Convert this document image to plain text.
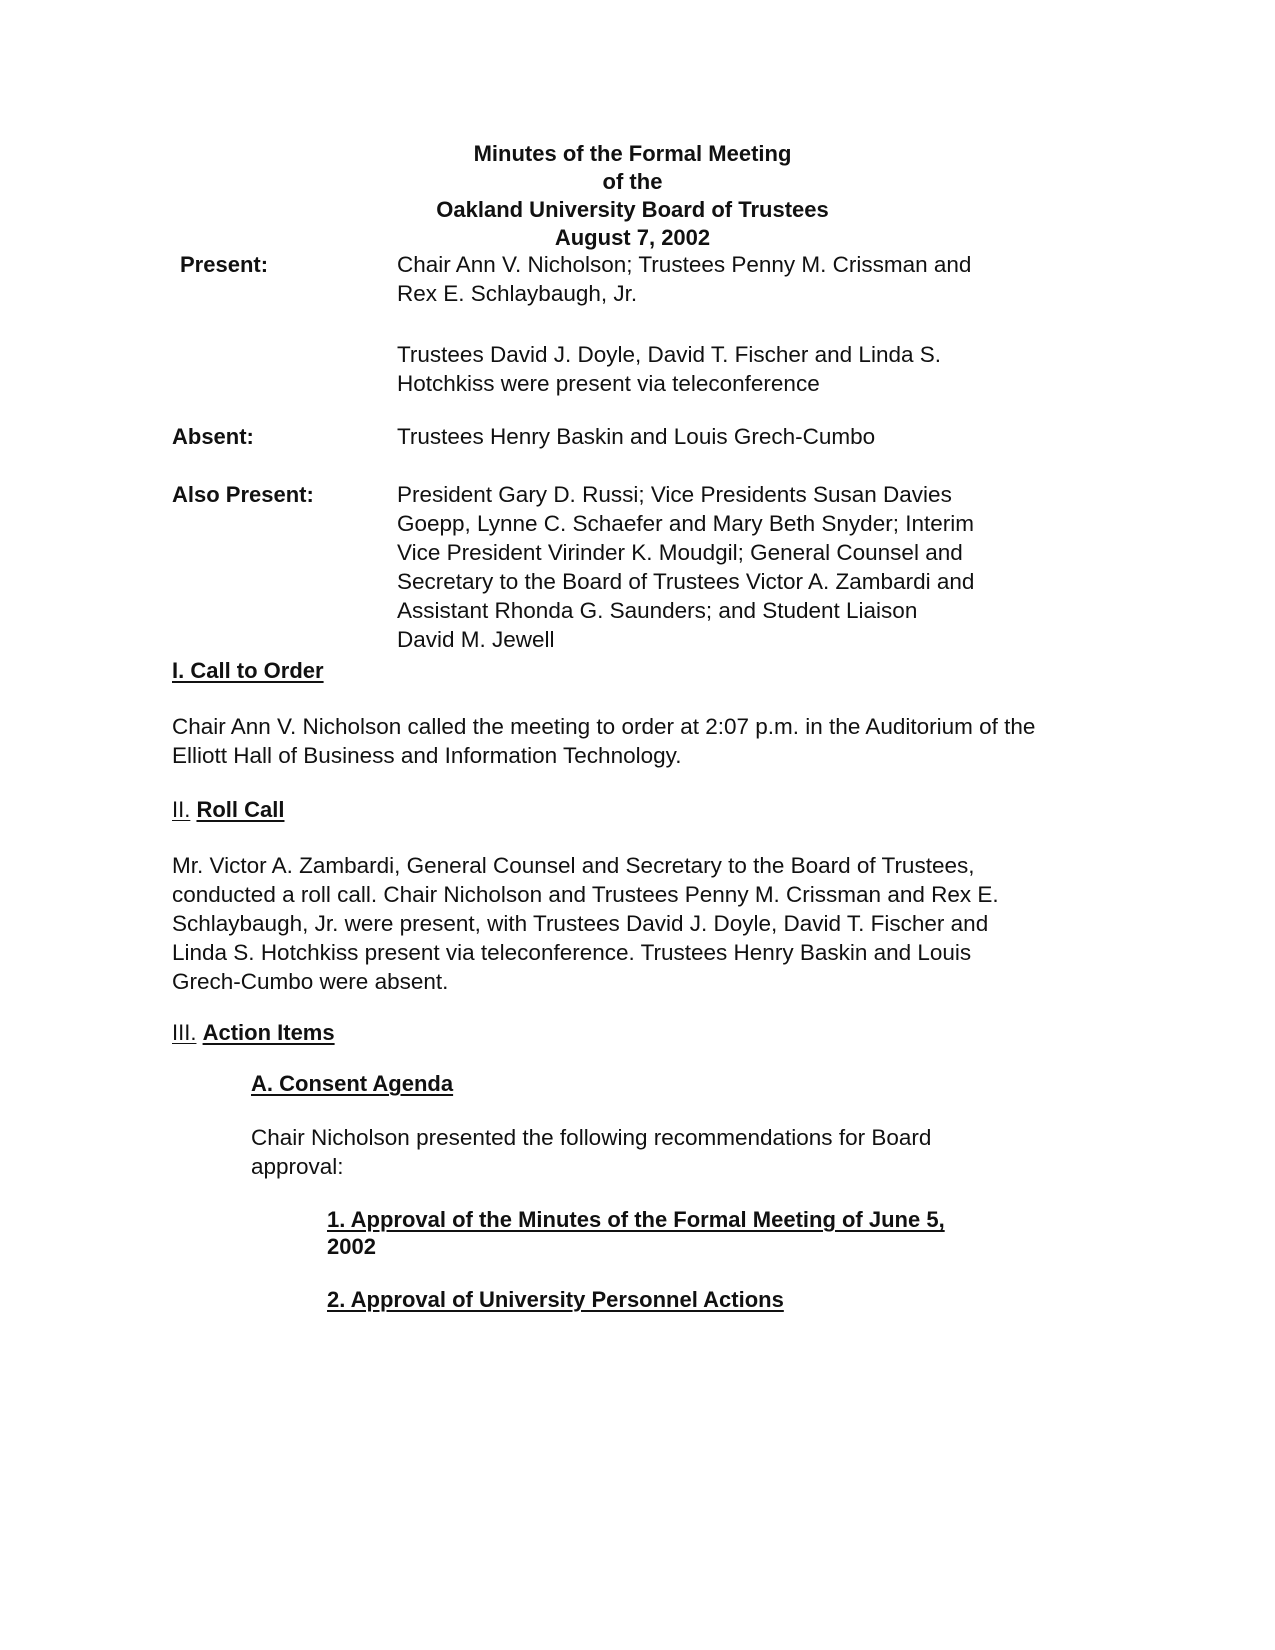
Minutes of the Formal Meeting
of the
Oakland University Board of Trustees
August 7, 2002
Present:	Chair Ann V. Nicholson; Trustees Penny M. Crissman and
Rex E. Schlaybaugh, Jr.
Trustees David J. Doyle, David T. Fischer and Linda S.
Hotchkiss were present via teleconference
Absent:	Trustees Henry Baskin and Louis Grech-Cumbo
Also Present:	President Gary D. Russi; Vice Presidents Susan Davies
Goepp, Lynne C. Schaefer and Mary Beth Snyder; Interim
Vice President Virinder K. Moudgil; General Counsel and
Secretary to the Board of Trustees Victor A. Zambardi and
Assistant Rhonda G. Saunders; and Student Liaison
David M. Jewell
I. Call to Order
Chair Ann V. Nicholson called the meeting to order at 2:07 p.m. in the Auditorium of the
Elliott Hall of Business and Information Technology.
II. Roll Call
Mr. Victor A. Zambardi, General Counsel and Secretary to the Board of Trustees,
conducted a roll call. Chair Nicholson and Trustees Penny M. Crissman and Rex E.
Schlaybaugh, Jr. were present, with Trustees David J. Doyle, David T. Fischer and
Linda S. Hotchkiss present via teleconference. Trustees Henry Baskin and Louis
Grech-Cumbo were absent.
III. Action Items
A. Consent Agenda
Chair Nicholson presented the following recommendations for Board
approval:
1. Approval of the Minutes of the Formal Meeting of June 5,
2002
2. Approval of University Personnel Actions
